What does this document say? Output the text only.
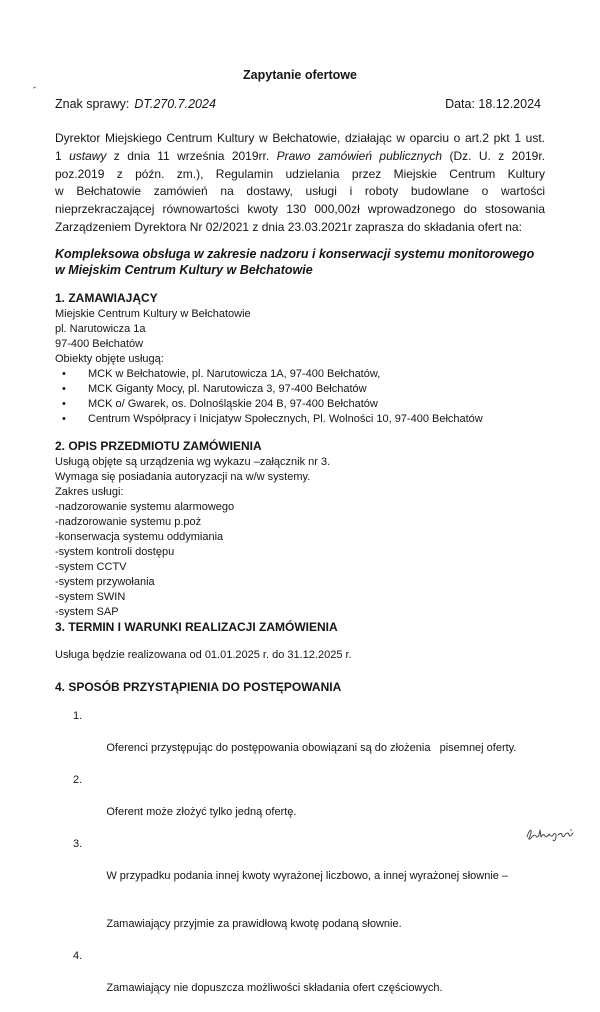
Zapytanie ofertowe
Znak sprawy: DT.270.7.2024	Data: 18.12.2024
Dyrektor Miejskiego Centrum Kultury w Bełchatowie, działając w oparciu o art.2 pkt 1 ust.
1 ustawy z dnia 11 września 2019rr. Prawo zamówień publicznych (Dz. U. z 2019r.
poz.2019 z późn. zm.), Regulamin udzielania przez Miejskie Centrum Kultury
w Bełchatowie zamówień na dostawy, usługi i roboty budowlane o wartości
nieprzekraczającej równowartości kwoty 130 000,00zł wprowadzonego do stosowania
Zarządzeniem Dyrektora Nr 02/2021 z dnia 23.03.2021r zaprasza do składania ofert na:
Kompleksowa obsługa w zakresie nadzoru i konserwacji systemu monitorowego
w Miejskim Centrum Kultury w Bełchatowie
1. ZAMAWIAJĄCY
Miejskie Centrum Kultury w Bełchatowie
pl. Narutowicza 1a
97-400 Bełchatów
Obiekty objęte usługą:
• MCK w Bełchatowie, pl. Narutowicza 1A, 97-400 Bełchatów,
• MCK Giganty Mocy, pl. Narutowicza 3, 97-400 Bełchatów
• MCK o/ Gwarek, os. Dolnośląskie 204 B, 97-400 Bełchatów
• Centrum Współpracy i Inicjatyw Społecznych, Pl. Wolności 10, 97-400 Bełchatów
2. OPIS PRZEDMIOTU ZAMÓWIENIA
Usługą objęte są urządzenia wg wykazu –załącznik nr 3.
Wymaga się posiadania autoryzacji na w/w systemy.
Zakres usługi:
-nadzorowanie systemu alarmowego
-nadzorowanie systemu p.poż
-konserwacja systemu oddymiania
-system kontroli dostępu
-system CCTV
-system przywołania
-system SWIN
-system SAP
3. TERMIN I WARUNKI REALIZACJI ZAMÓWIENIA
Usługa będzie realizowana od 01.01.2025 r. do 31.12.2025 r.
4. SPOSÓB PRZYSTĄPIENIA DO POSTĘPOWANIA

1.

Oferenci przystępując do postępowania obowiązani są do złożenia   pisemnej oferty.

2.

Oferent może złożyć tylko jedną ofertę.

3.

W przypadku podania innej kwoty wyrażonej liczbowo, a innej wyrażonej słownie –

Zamawiający przyjmie za prawidłową kwotę podaną słownie.

4.

Zamawiający nie dopuszcza możliwości składania ofert częściowych.
